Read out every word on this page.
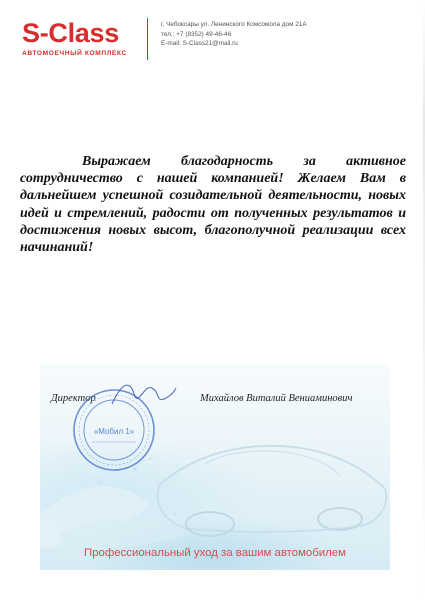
S-Class
АВТОМОЕЧНЫЙ КОМПЛЕКС
г. Чебоксары ул. Ленинского Комсомола дом 21А
тел.: +7 (8352) 49-46-46
E-mail: S-Class21@mail.ru

Выражаем благодарность за активное сотрудничество с нашей компанией! Желаем Вам в дальнейшем успешной созидательной деятельности, новых идей и стремлений, радости от полученных результатов и достижения новых высот, благополучной реализации всех начинаний!

Директор
«Мобил 1»
Михайлов Виталий Вениаминович
Профессиональный уход за вашим автомобилем
